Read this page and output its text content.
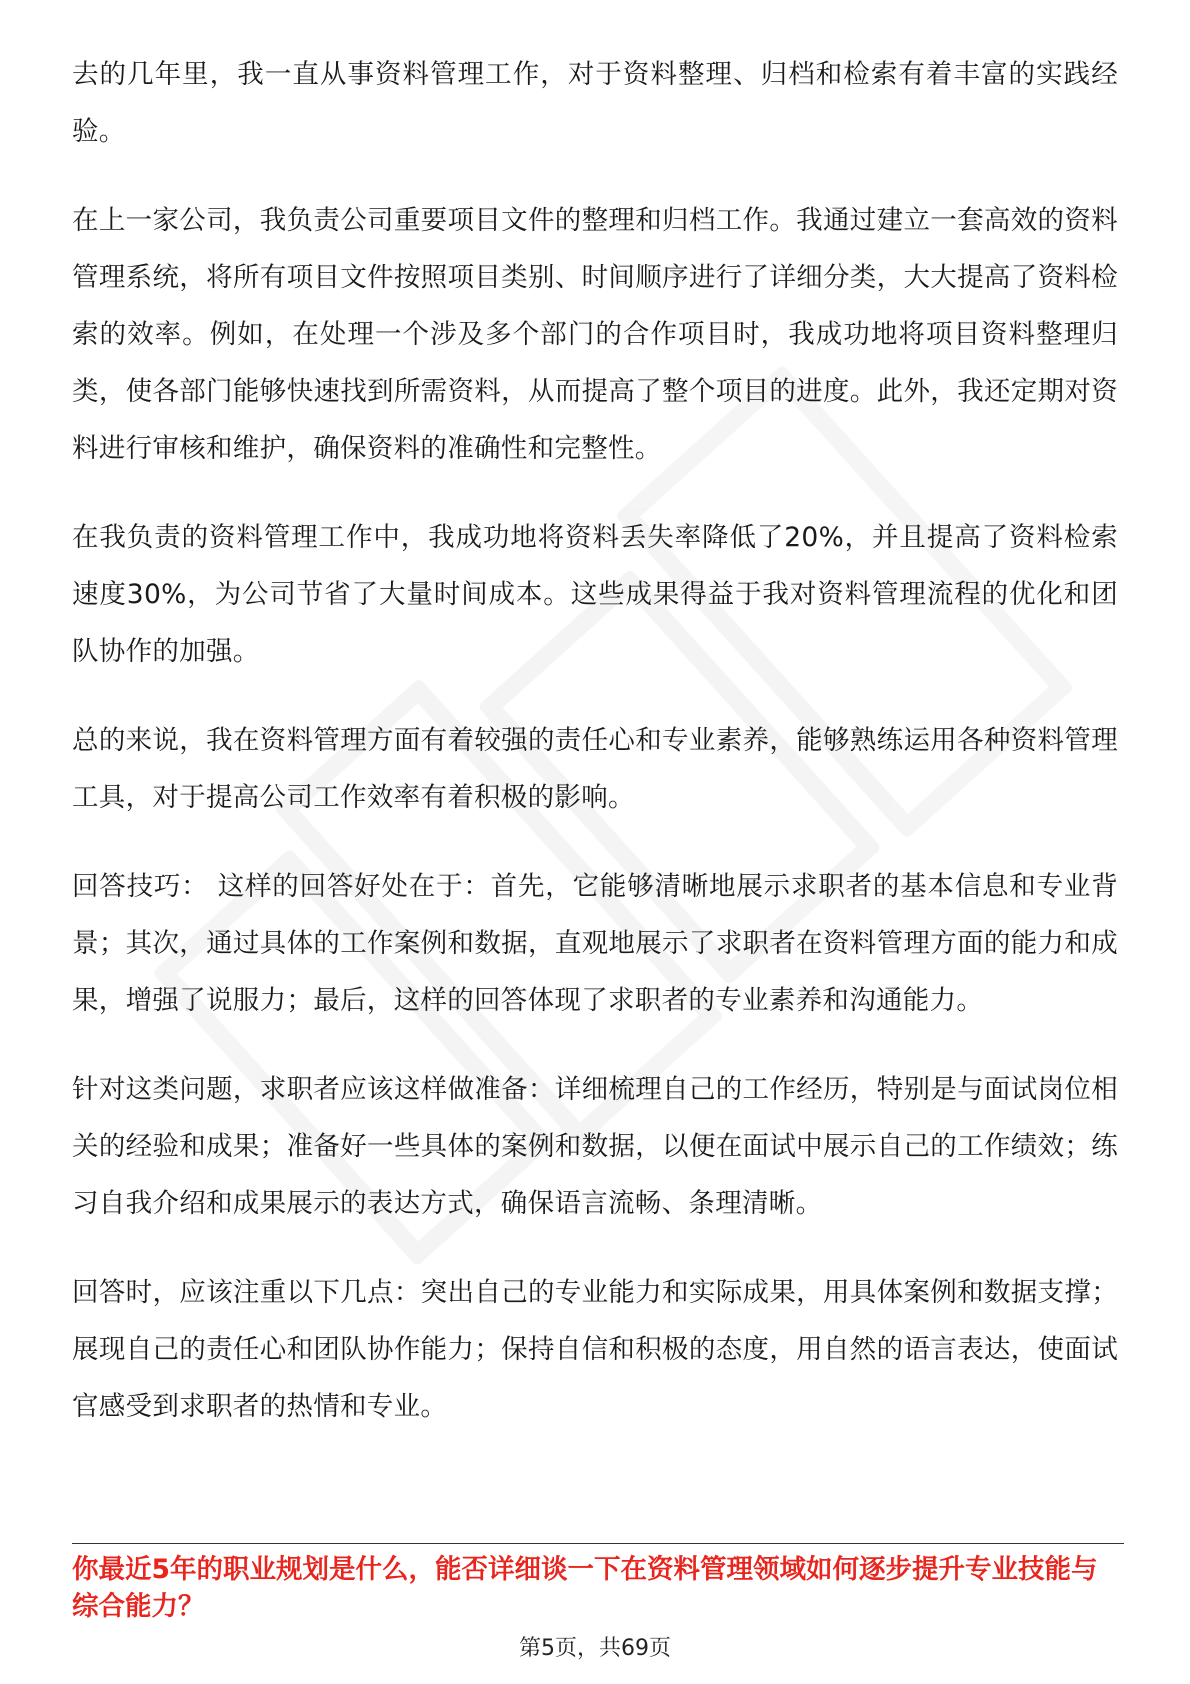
去的几年里，我一直从事资料管理工作，对于资料整理、归档和检索有着丰富的实践经验。

在上一家公司，我负责公司重要项目文件的整理和归档工作。我通过建立一套高效的资料管理系统，将所有项目文件按照项目类别、时间顺序进行了详细分类，大大提高了资料检索的效率。例如，在处理一个涉及多个部门的合作项目时，我成功地将项目资料整理归类，使各部门能够快速找到所需资料，从而提高了整个项目的进度。此外，我还定期对资料进行审核和维护，确保资料的准确性和完整性。

在我负责的资料管理工作中，我成功地将资料丢失率降低了20%，并且提高了资料检索速度30%，为公司节省了大量时间成本。这些成果得益于我对资料管理流程的优化和团队协作的加强。

总的来说，我在资料管理方面有着较强的责任心和专业素养，能够熟练运用各种资料管理工具，对于提高公司工作效率有着积极的影响。

回答技巧： 这样的回答好处在于：首先，它能够清晰地展示求职者的基本信息和专业背景；其次，通过具体的工作案例和数据，直观地展示了求职者在资料管理方面的能力和成果，增强了说服力；最后，这样的回答体现了求职者的专业素养和沟通能力。

针对这类问题，求职者应该这样做准备：详细梳理自己的工作经历，特别是与面试岗位相关的经验和成果；准备好一些具体的案例和数据，以便在面试中展示自己的工作绩效；练习自我介绍和成果展示的表达方式，确保语言流畅、条理清晰。

回答时，应该注重以下几点：突出自己的专业能力和实际成果，用具体案例和数据支撑；展现自己的责任心和团队协作能力；保持自信和积极的态度，用自然的语言表达，使面试官感受到求职者的热情和专业。

你最近5年的职业规划是什么，能否详细谈一下在资料管理领域如何逐步提升专业技能与综合能力？

第5页，共69页
